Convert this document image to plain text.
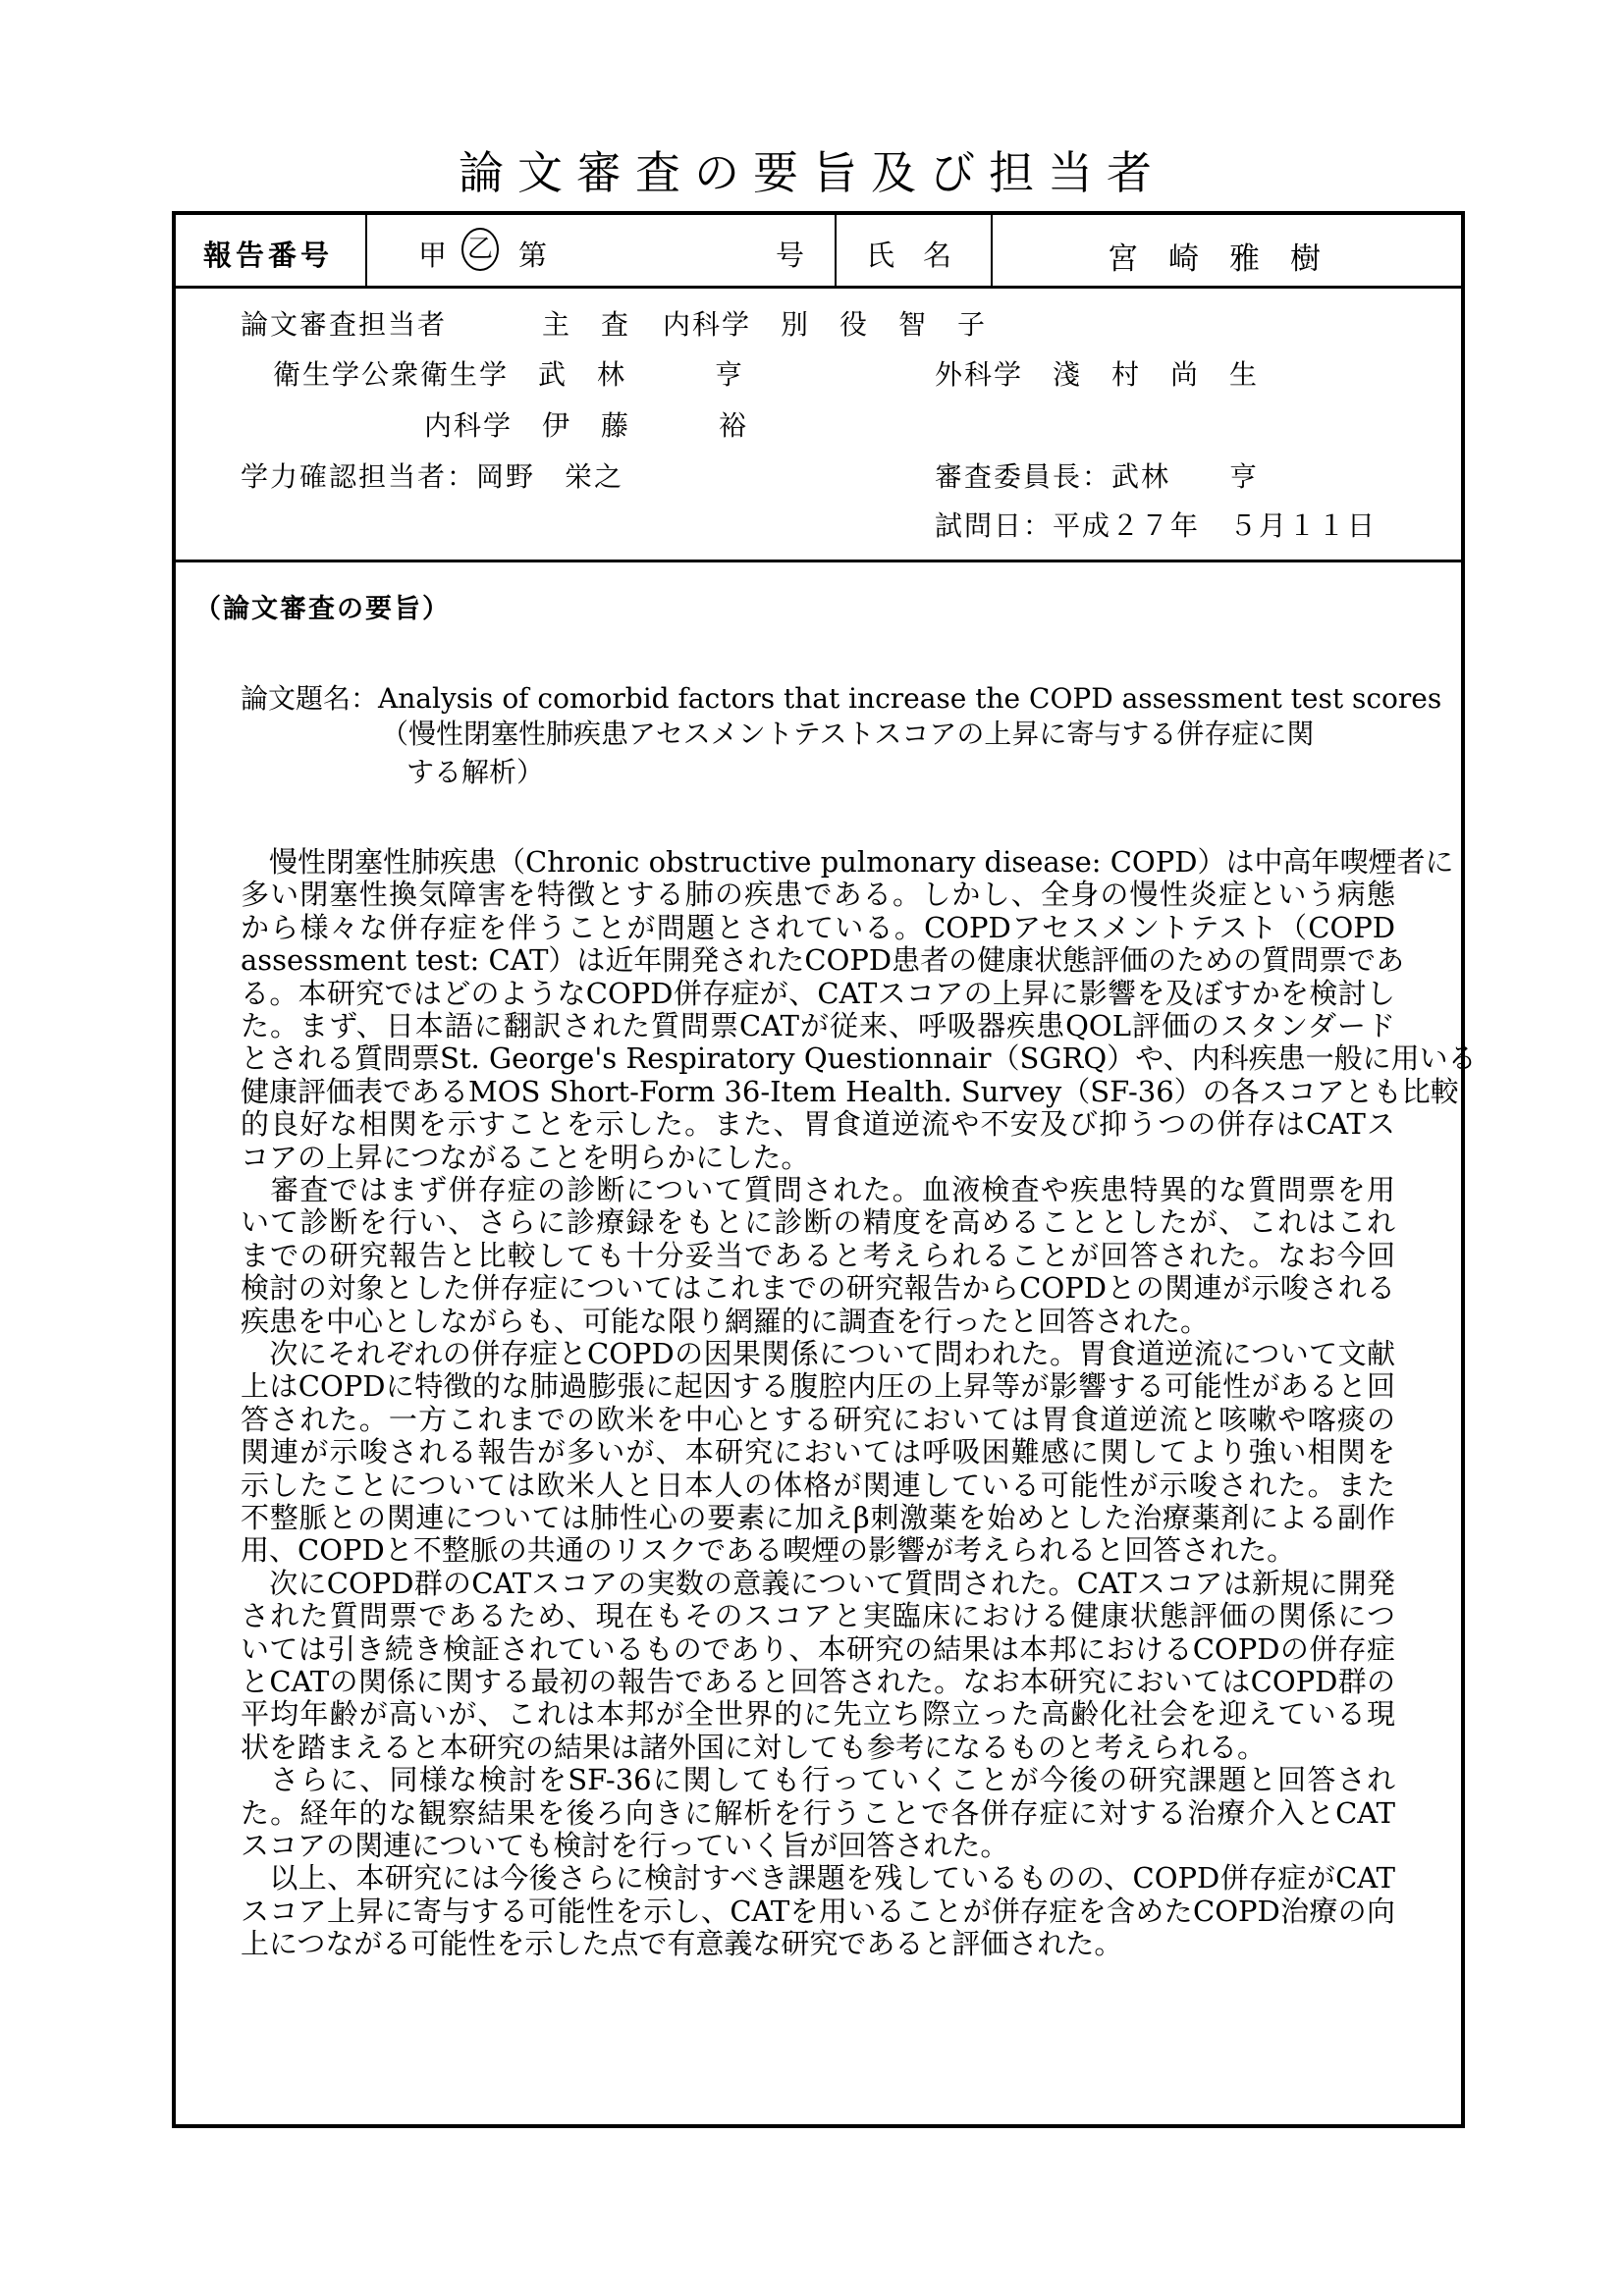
論文審査の要旨及び担当者
報告番号	甲 乙 第	号 氏　名	宮　崎　雅　樹
論文審査担当者	主　査 内科学　別　役　智　子
衛生学公衆衛生学　武　林　　　亨	外科学　淺　村　尚　生
内科学　伊　藤　　　裕
学力確認担当者：岡野　栄之	審査委員長：武林　　亨
試問日：平成２７年　５月１１日
（論文審査の要旨）
論文題名：Analysis of comorbid factors that increase the COPD assessment test scores
（慢性閉塞性肺疾患アセスメントテストスコアの上昇に寄与する併存症に関
する解析）
　慢性閉塞性肺疾患（Chronic obstructive pulmonary disease: COPD）は中高年喫煙者に
多い閉塞性換気障害を特徴とする肺の疾患である。しかし、全身の慢性炎症という病態
から様々な併存症を伴うことが問題とされている。COPDアセスメントテスト（COPD
assessment test: CAT）は近年開発されたCOPD患者の健康状態評価のための質問票であ
る。本研究ではどのようなCOPD併存症が、CATスコアの上昇に影響を及ぼすかを検討し
た。まず、日本語に翻訳された質問票CATが従来、呼吸器疾患QOL評価のスタンダード
とされる質問票St. George's Respiratory Questionnair（SGRQ）や、内科疾患一般に用いる
健康評価表であるMOS Short-Form 36-Item Health. Survey（SF-36）の各スコアとも比較
的良好な相関を示すことを示した。また、胃食道逆流や不安及び抑うつの併存はCATス
コアの上昇につながることを明らかにした。
　審査ではまず併存症の診断について質問された。血液検査や疾患特異的な質問票を用
いて診断を行い、さらに診療録をもとに診断の精度を高めることとしたが、これはこれ
までの研究報告と比較しても十分妥当であると考えられることが回答された。なお今回
検討の対象とした併存症についてはこれまでの研究報告からCOPDとの関連が示唆される
疾患を中心としながらも、可能な限り網羅的に調査を行ったと回答された。
　次にそれぞれの併存症とCOPDの因果関係について問われた。胃食道逆流について文献
上はCOPDに特徴的な肺過膨張に起因する腹腔内圧の上昇等が影響する可能性があると回
答された。一方これまでの欧米を中心とする研究においては胃食道逆流と咳嗽や喀痰の
関連が示唆される報告が多いが、本研究においては呼吸困難感に関してより強い相関を
示したことについては欧米人と日本人の体格が関連している可能性が示唆された。また
不整脈との関連については肺性心の要素に加えβ刺激薬を始めとした治療薬剤による副作
用、COPDと不整脈の共通のリスクである喫煙の影響が考えられると回答された。
　次にCOPD群のCATスコアの実数の意義について質問された。CATスコアは新規に開発
された質問票であるため、現在もそのスコアと実臨床における健康状態評価の関係につ
いては引き続き検証されているものであり、本研究の結果は本邦におけるCOPDの併存症
とCATの関係に関する最初の報告であると回答された。なお本研究においてはCOPD群の
平均年齢が高いが、これは本邦が全世界的に先立ち際立った高齢化社会を迎えている現
状を踏まえると本研究の結果は諸外国に対しても参考になるものと考えられる。
　さらに、同様な検討をSF-36に関しても行っていくことが今後の研究課題と回答され
た。経年的な観察結果を後ろ向きに解析を行うことで各併存症に対する治療介入とCAT
スコアの関連についても検討を行っていく旨が回答された。
　以上、本研究には今後さらに検討すべき課題を残しているものの、COPD併存症がCAT
スコア上昇に寄与する可能性を示し、CATを用いることが併存症を含めたCOPD治療の向
上につながる可能性を示した点で有意義な研究であると評価された。
